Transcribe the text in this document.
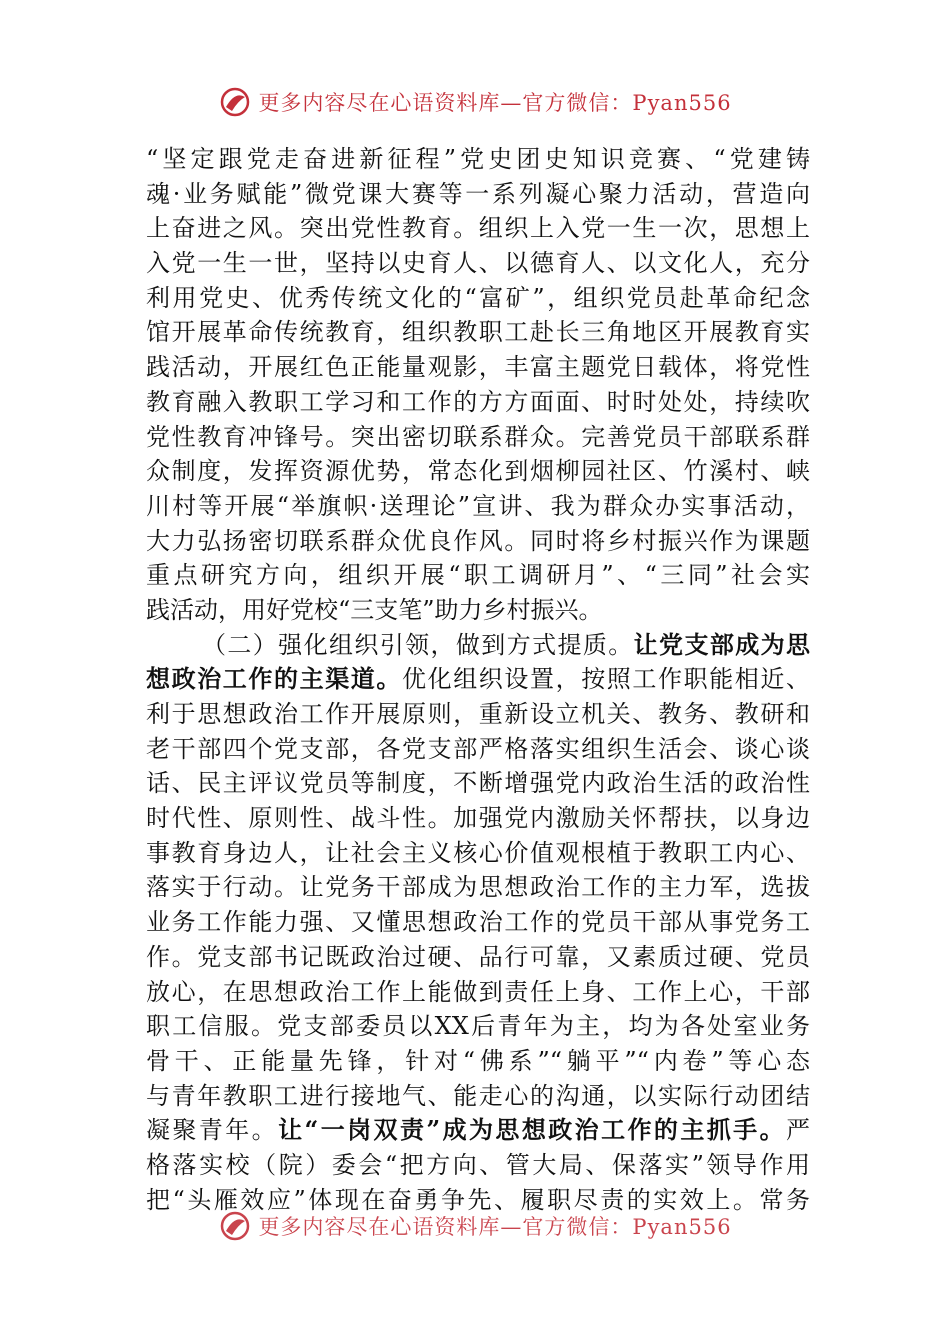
更多内容尽在心语资料库—官方微信：Pyan556
“坚定跟党走奋进新征程”党史团史知识竞赛、“党建铸
魂·业务赋能”微党课大赛等一系列凝心聚力活动，营造向
上奋进之风。突出党性教育。组织上入党一生一次，思想上
入党一生一世，坚持以史育人、以德育人、以文化人，充分
利用党史、优秀传统文化的“富矿”，组织党员赴革命纪念
馆开展革命传统教育，组织教职工赴长三角地区开展教育实
践活动，开展红色正能量观影，丰富主题党日载体，将党性
教育融入教职工学习和工作的方方面面、时时处处，持续吹
党性教育冲锋号。突出密切联系群众。完善党员干部联系群
众制度，发挥资源优势，常态化到烟柳园社区、竹溪村、峡
川村等开展“举旗帜·送理论”宣讲、我为群众办实事活动，
大力弘扬密切联系群众优良作风。同时将乡村振兴作为课题
重点研究方向，组织开展“职工调研月”、“三同”社会实
践活动，用好党校“三支笔”助力乡村振兴。
（二）强化组织引领，做到方式提质。让党支部成为思
想政治工作的主渠道。优化组织设置，按照工作职能相近、
利于思想政治工作开展原则，重新设立机关、教务、教研和
老干部四个党支部，各党支部严格落实组织生活会、谈心谈
话、民主评议党员等制度，不断增强党内政治生活的政治性
时代性、原则性、战斗性。加强党内激励关怀帮扶，以身边
事教育身边人，让社会主义核心价值观根植于教职工内心、
落实于行动。让党务干部成为思想政治工作的主力军，选拔
业务工作能力强、又懂思想政治工作的党员干部从事党务工
作。党支部书记既政治过硬、品行可靠，又素质过硬、党员
放心，在思想政治工作上能做到责任上身、工作上心，干部
职工信服。党支部委员以XX后青年为主，均为各处室业务
骨干、正能量先锋，针对“佛系”“躺平”“内卷”等心态
与青年教职工进行接地气、能走心的沟通，以实际行动团结
凝聚青年。让“一岗双责”成为思想政治工作的主抓手。严
格落实校（院）委会“把方向、管大局、保落实”领导作用
把“头雁效应”体现在奋勇争先、履职尽责的实效上。常务
更多内容尽在心语资料库—官方微信：Pyan556
